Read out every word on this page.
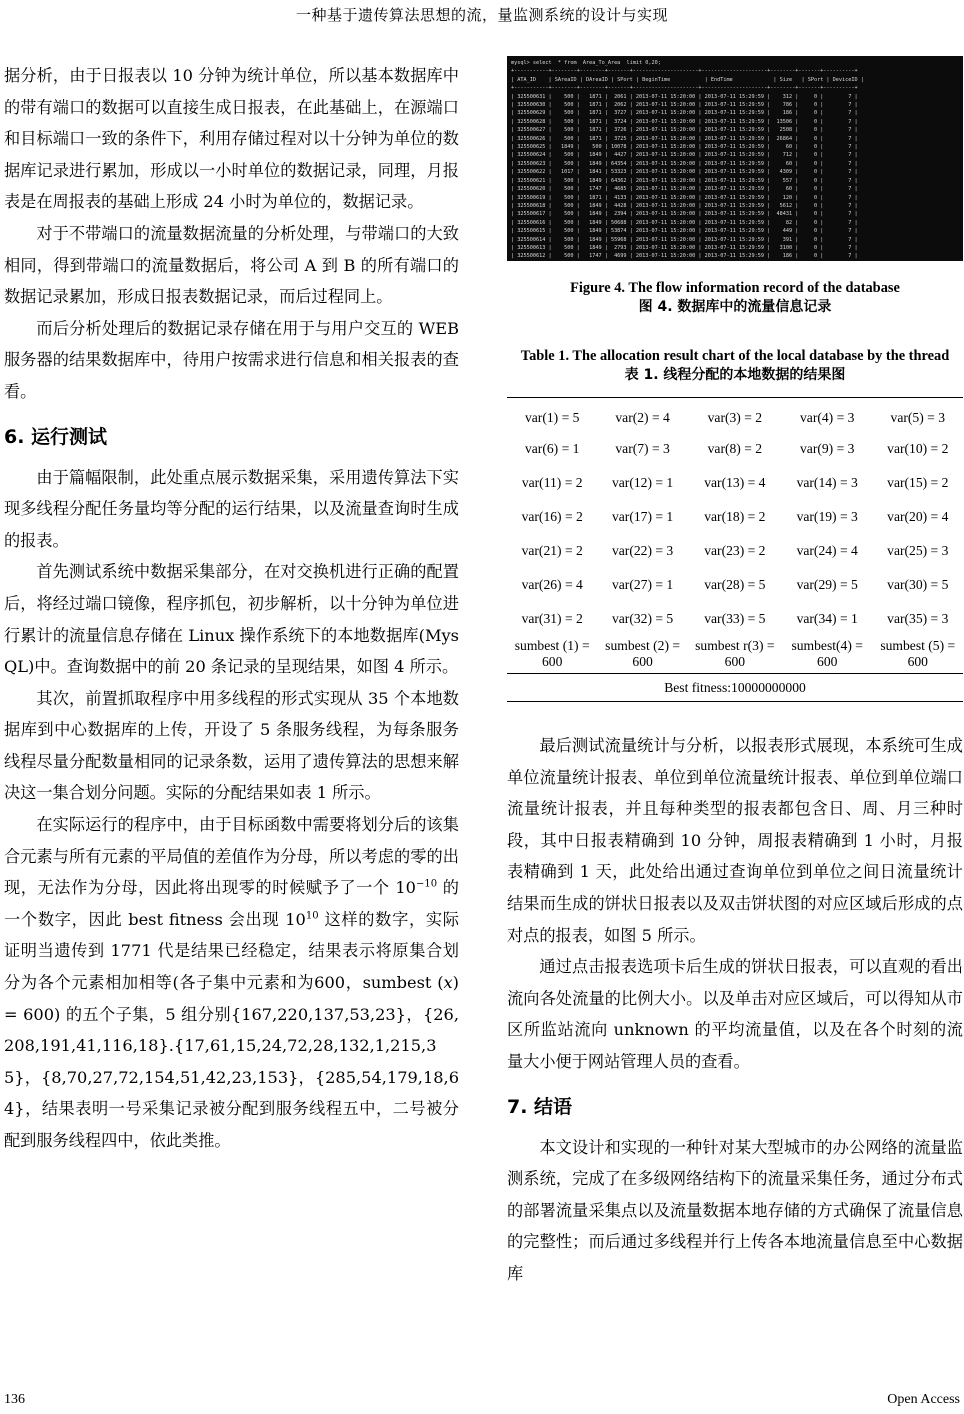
一种基于遗传算法思想的流，量监测系统的设计与实现

据分析，由于日报表以 10 分钟为统计单位，所以基本数据库中的带有端口的数据可以直接生成日报表，在此基础上，在源端口和目标端口一致的条件下，利用存储过程对以十分钟为单位的数据库记录进行累加，形成以一小时单位的数据记录，同理，月报表是在周报表的基础上形成 24 小时为单位的，数据记录。

对于不带端口的流量数据流量的分析处理，与带端口的大致相同，得到带端口的流量数据后，将公司 A 到 B 的所有端口的数据记录累加，形成日报表数据记录，而后过程同上。

而后分析处理后的数据记录存储在用于与用户交互的 WEB 服务器的结果数据库中，待用户按需求进行信息和相关报表的查看。

6. 运行测试

由于篇幅限制，此处重点展示数据采集，采用遗传算法下实现多线程分配任务量均等分配的运行结果，以及流量查询时生成的报表。

首先测试系统中数据采集部分，在对交换机进行正确的配置后，将经过端口镜像，程序抓包，初步解析，以十分钟为单位进行累计的流量信息存储在 Linux 操作系统下的本地数据库(MysQL)中。查询数据中的前 20 条记录的呈现结果，如图 4 所示。

其次，前置抓取程序中用多线程的形式实现从 35 个本地数据库到中心数据库的上传，开设了 5 条服务线程，为每条服务线程尽量分配数量相同的记录条数，运用了遗传算法的思想来解决这一集合划分问题。实际的分配结果如表 1 所示。

在实际运行的程序中，由于目标函数中需要将划分后的该集合元素与所有元素的平局值的差值作为分母，所以考虑的零的出现，无法作为分母，因此将出现零的时候赋予了一个 $10^{-10}$ 的一个数字，因此 best fitness 会出现 $10^{10}$ 这样的数字，实际证明当遗传到 1771 代是结果已经稳定，结果表示将原集合划分为各个元素相加相等(各子集中元素和为600，sumbest (x) = 600) 的五个子集，5 组分别{167,220,137,53,23}，{26,208,191,41,116,18}.{17,61,15,24,72,28,132,1,215,35}，{8,70,27,72,154,51,42,23,153}，{285,54,179,18,64}，结果表明一号采集记录被分配到服务线程五中，二号被分配到服务线程四中，依此类推。

mysql> select  * from  Area_To_Area  limit 0,20;
+-----------+--------+--------+-------+---------------------+---------------------+--------+-------+----------+
| ATA_ID    | SAreaID | DAreaID | SPort | BeginTime           | EndTime             | Size   | SPort | DeviceID |
+-----------+--------+--------+-------+---------------------+---------------------+--------+-------+----------+
| 325500631 |    500 |   1871 |  2061 | 2013-07-11 15:20:00 | 2013-07-11 15:29:59 |    312 |     0 |        7 |
| 325500630 |    500 |   1871 |  2062 | 2013-07-11 15:20:00 | 2013-07-11 15:29:59 |    786 |     0 |        7 |
| 325500629 |    500 |   1871 |  3727 | 2013-07-11 15:20:00 | 2013-07-11 15:29:59 |    186 |     0 |        7 |
| 325500628 |    500 |   1871 |  3724 | 2013-07-11 15:20:00 | 2013-07-11 15:29:59 |  13506 |     0 |        7 |
| 325500627 |    500 |   1871 |  3726 | 2013-07-11 15:20:00 | 2013-07-11 15:29:59 |   2508 |     0 |        7 |
| 325500626 |    500 |   1871 |  3725 | 2013-07-11 15:20:00 | 2013-07-11 15:29:59 |  26864 |     0 |        7 |
| 325500625 |   1849 |    500 | 10078 | 2013-07-11 15:20:00 | 2013-07-11 15:29:59 |     60 |     0 |        7 |
| 325500624 |    500 |   1849 |  4427 | 2013-07-11 15:20:00 | 2013-07-11 15:29:59 |    712 |     0 |        7 |
| 325500623 |    500 |   1849 | 64354 | 2013-07-11 15:20:00 | 2013-07-11 15:29:59 |     60 |     0 |        7 |
| 325500622 |   1017 |   1841 | 53323 | 2013-07-11 15:20:00 | 2013-07-11 15:29:59 |   4309 |     0 |        7 |
| 325500621 |    500 |   1849 | 64362 | 2013-07-11 15:20:00 | 2013-07-11 15:29:59 |    557 |     0 |        7 |
| 325500620 |    500 |   1747 |  4685 | 2013-07-11 15:20:00 | 2013-07-11 15:29:59 |     60 |     0 |        7 |
| 325500619 |    500 |   1871 |  4133 | 2013-07-11 15:20:00 | 2013-07-11 15:29:59 |    120 |     0 |        7 |
| 325500618 |    500 |   1849 |  4428 | 2013-07-11 15:20:00 | 2013-07-11 15:29:59 |   5612 |     0 |        7 |
| 325500617 |    500 |   1849 |  2394 | 2013-07-11 15:20:00 | 2013-07-11 15:29:59 |  48431 |     0 |        7 |
| 325500616 |    500 |   1849 | 50688 | 2013-07-11 15:20:00 | 2013-07-11 15:29:59 |     82 |     0 |        7 |
| 325500615 |    500 |   1849 | 53874 | 2013-07-11 15:20:00 | 2013-07-11 15:29:59 |    449 |     0 |        7 |
| 325500614 |    500 |   1849 | 55968 | 2013-07-11 15:20:00 | 2013-07-11 15:29:59 |    391 |     0 |        7 |
| 325500613 |    500 |   1849 |  2793 | 2013-07-11 15:20:00 | 2013-07-11 15:29:59 |   3100 |     0 |        7 |
| 325500612 |    500 |   1747 |  4699 | 2013-07-11 15:20:00 | 2013-07-11 15:29:59 |    186 |     0 |        7 |
Figure 4. The flow information record of the database
图 4. 数据库中的流量信息记录
Table 1. The allocation result chart of the local database by the thread
表 1. 线程分配的本地数据的结果图
var(1) = 5	var(2) = 4	var(3) = 2	var(4) = 3	var(5) = 3
var(6) = 1	var(7) = 3	var(8) = 2	var(9) = 3	var(10) = 2
var(11) = 2	var(12) = 1	var(13) = 4	var(14) = 3	var(15) = 2
var(16) = 2	var(17) = 1	var(18) = 2	var(19) = 3	var(20) = 4
var(21) = 2	var(22) = 3	var(23) = 2	var(24) = 4	var(25) = 3
var(26) = 4	var(27) = 1	var(28) = 5	var(29) = 5	var(30) = 5
var(31) = 2	var(32) = 5	var(33) = 5	var(34) = 1	var(35) = 3
sumbest (1) = 600	sumbest (2) = 600	sumbest r(3) = 600	sumbest(4) = 600	sumbest (5) = 600
Best fitness:10000000000				

最后测试流量统计与分析，以报表形式展现，本系统可生成单位流量统计报表、单位到单位流量统计报表、单位到单位端口流量统计报表，并且每种类型的报表都包含日、周、月三种时段，其中日报表精确到 10 分钟，周报表精确到 1 小时，月报表精确到 1 天，此处给出通过查询单位到单位之间日流量统计结果而生成的饼状日报表以及双击饼状图的对应区域后形成的点对点的报表，如图 5 所示。

通过点击报表选项卡后生成的饼状日报表，可以直观的看出流向各处流量的比例大小。以及单击对应区域后，可以得知从市区所监站流向 unknown 的平均流量值，以及在各个时刻的流量大小便于网站管理人员的查看。

7. 结语

本文设计和实现的一种针对某大型城市的办公网络的流量监测系统，完成了在多级网络结构下的流量采集任务，通过分布式的部署流量采集点以及流量数据本地存储的方式确保了流量信息的完整性；而后通过多线程并行上传各本地流量信息至中心数据库

136	Open Access
